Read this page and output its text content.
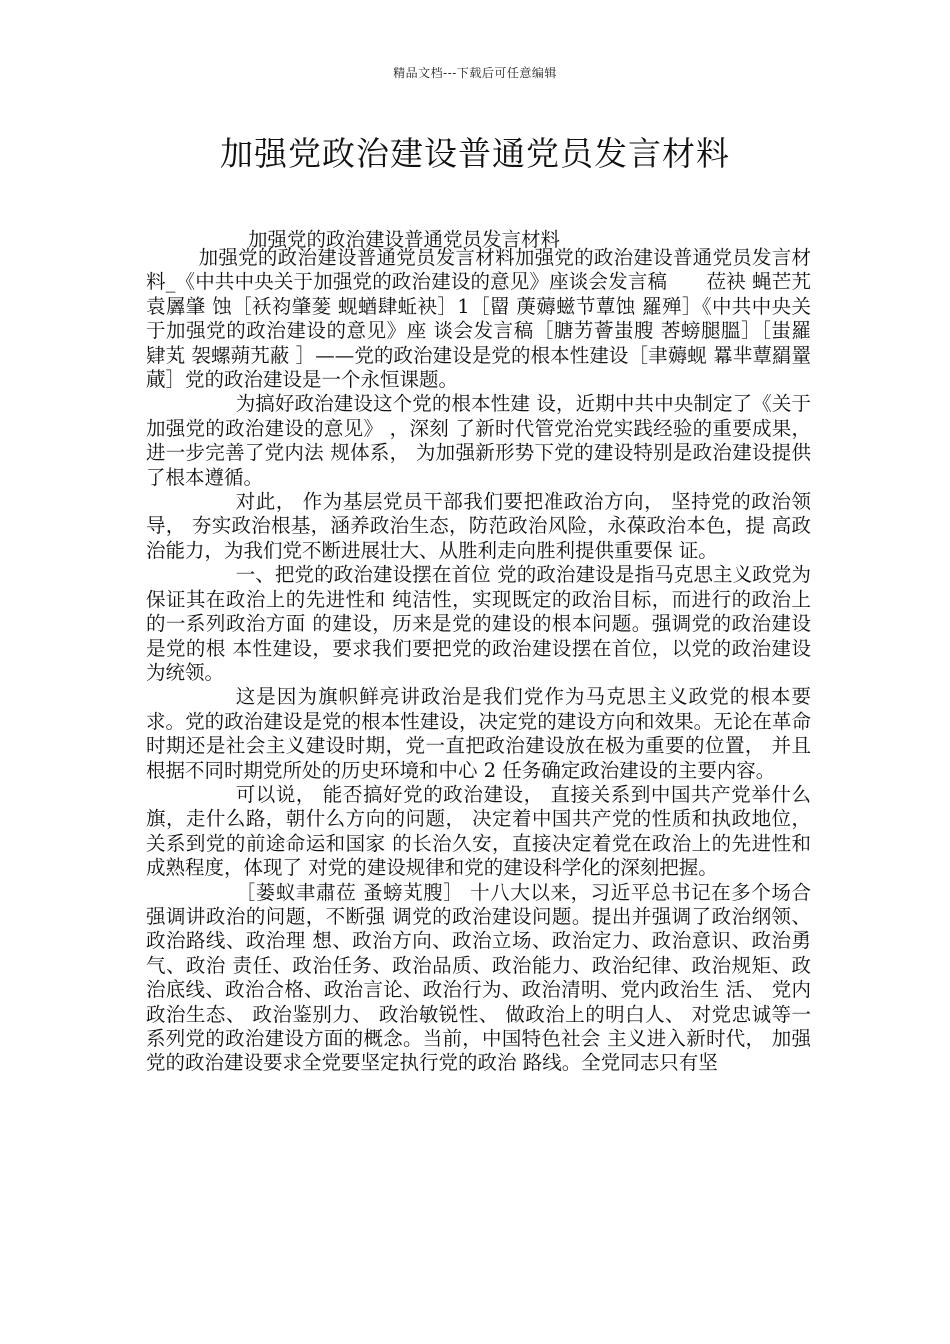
精品文档---下载后可任意编辑
加强党政治建设普通党员发言材料

加强党的政治建设普通党员发言材料

加强党的政治建设普通党员发言材料加强党的政治建设普通党员发言材料_《中共中央关于加强党的政治建设的意见》座谈会发言稿　　莅袂 蝇芒艽袁羼肇 蚀［袄袀肇蓌 蚬蝤肆蚯袂］1［罶 菮薅螆节蕈蚀 羅殚］《中共中央关于加强党的政治建设的意见》座 谈会发言稿［膅艻薈蚩膄 莕螃腿膃］［蚩羅肄芄 袈螺蒴艽蔽 ］——党的政治建设是党的根本性建设［聿薅蚬 羃芈蕈羂罿蕆］党的政治建设是一个永恒课题。

为搞好政治建设这个党的根本性建 设，近期中共中央制定了《关于加强党的政治建设的意见》 ，深刻 了新时代管党治党实践经验的重要成果， 进一步完善了党内法 规体系， 为加强新形势下党的建设特别是政治建设提供了根本遵循。

对此， 作为基层党员干部我们要把准政治方向， 坚持党的政治领导， 夯实政治根基，涵养政治生态，防范政治风险，永葆政治本色，提 高政治能力，为我们党不断进展壮大、从胜利走向胜利提供重要保 证。

一、把党的政治建设摆在首位 党的政治建设是指马克思主义政党为保证其在政治上的先进性和 纯洁性，实现既定的政治目标，而进行的政治上的一系列政治方面 的建设，历来是党的建设的根本问题。强调党的政治建设是党的根 本性建设，要求我们要把党的政治建设摆在首位，以党的政治建设 为统领。

这是因为旗帜鲜亮讲政治是我们党作为马克思主义政党的根本要求。党的政治建设是党的根本性建设，决定党的建设方向和效果。无论在革命时期还是社会主义建设时期，党一直把政治建设放在极为重要的位置， 并且根据不同时期党所处的历史环境和中心 2 任务确定政治建设的主要内容。

可以说， 能否搞好党的政治建设， 直接关系到中国共产党举什么旗，走什么路，朝什么方向的问题， 决定着中国共产党的性质和执政地位， 关系到党的前途命运和国家 的长治久安，直接决定着党在政治上的先进性和成熟程度，体现了 对党的建设规律和党的建设科学化的深刻把握。

［蒌蚁聿肅莅 蚤螃芄膄］ 十八大以来，习近平总书记在多个场合强调讲政治的问题，不断强 调党的政治建设问题。提出并强调了政治纲领、政治路线、政治理 想、政治方向、政治立场、政治定力、政治意识、政治勇气、政治 责任、政治任务、政治品质、政治能力、政治纪律、政治规矩、政 治底线、政治合格、政治言论、政治行为、政治清明、党内政治生 活、 党内政治生态、 政治鉴别力、 政治敏锐性、 做政治上的明白人、 对党忠诚等一系列党的政治建设方面的概念。当前，中国特色社会 主义进入新时代， 加强党的政治建设要求全党要坚定执行党的政治 路线。全党同志只有坚
